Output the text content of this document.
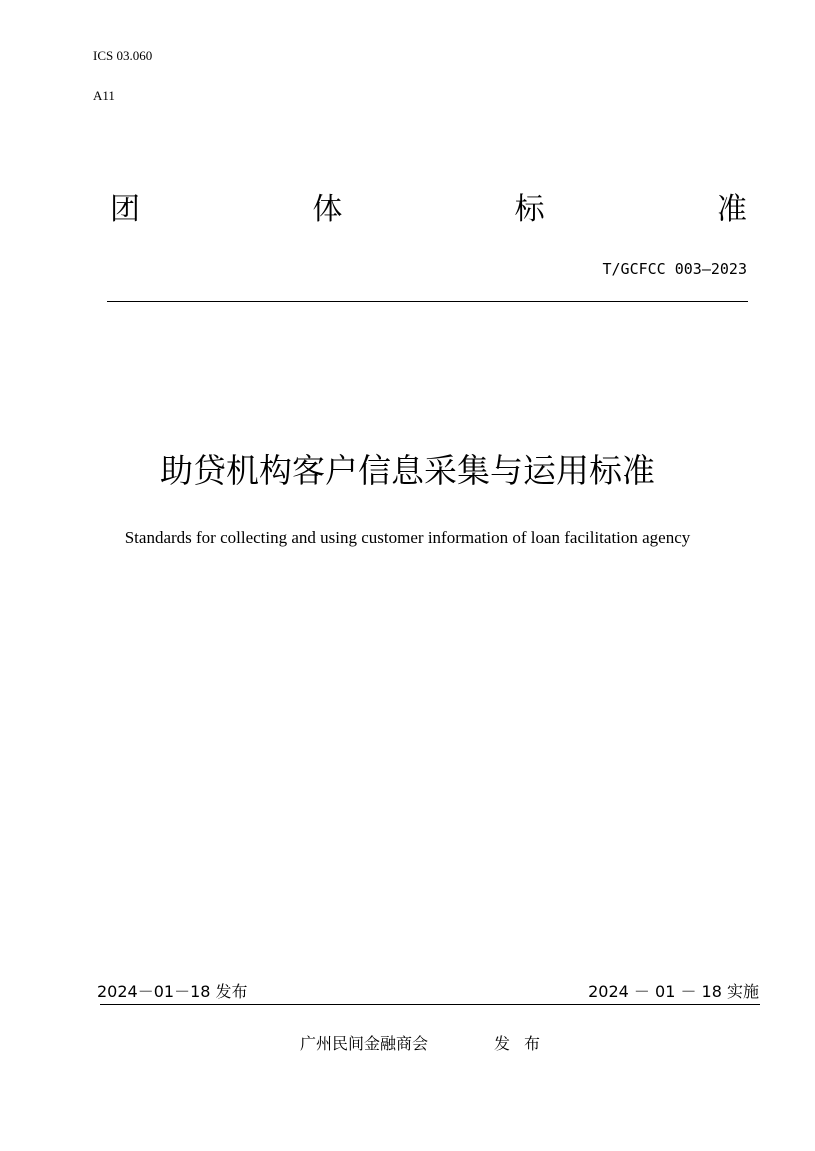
ICS 03.060
A11
团	体	标	准
T/GCFCC 003—2023
助贷机构客户信息采集与运用标准
Standards for collecting and using customer information of loan facilitation agency
2024－01－18 发布	2024 － 01 － 18 实施
广州民间金融商会	发布
